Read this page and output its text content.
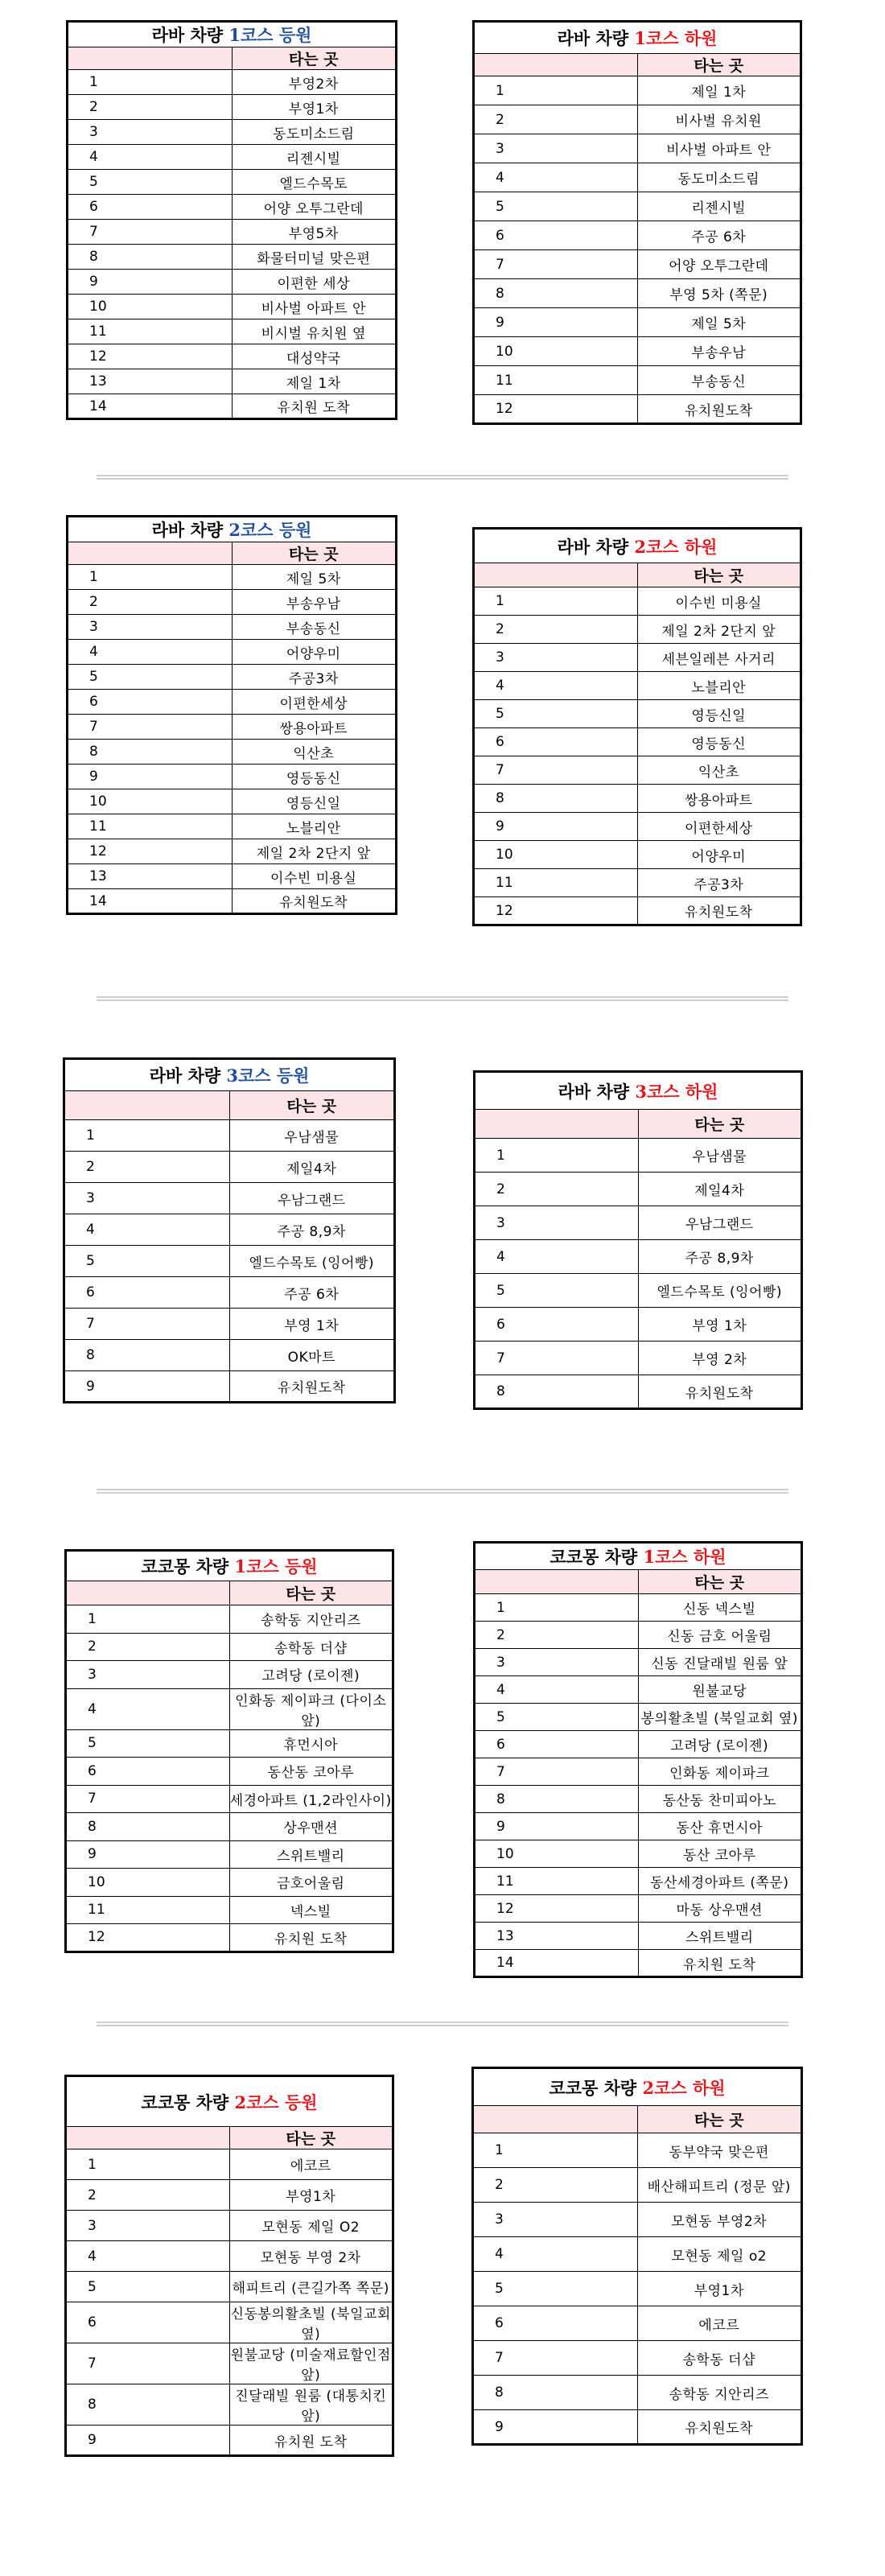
라바 차량 1코스 등원	
	타는 곳
1	부영2차
2	부영1차
3	동도미소드림
4	리젠시빌
5	엘드수목토
6	어양 오투그란데
7	부영5차
8	화물터미널 맞은편
9	이편한 세상
10	비사벌 아파트 안
11	비시벌 유치원 옆
12	대성약국
13	제일 1차
14	유치원 도착
라바 차량 1코스 하원	
	타는 곳
1	제일 1차
2	비사벌 유치원
3	비사벌 아파트 안
4	동도미소드림
5	리젠시빌
6	주공 6차
7	어양 오투그란데
8	부영 5차 (쪽문)
9	제일 5차
10	부송우남
11	부송동신
12	유치원도착
라바 차량 2코스 등원	
	타는 곳
1	제일 5차
2	부송우남
3	부송동신
4	어양우미
5	주공3차
6	이편한세상
7	쌍용아파트
8	익산초
9	영등동신
10	영등신일
11	노블리안
12	제일 2차 2단지 앞
13	이수빈 미용실
14	유치원도착
라바 차량 2코스 하원	
	타는 곳
1	이수빈 미용실
2	제일 2차 2단지 앞
3	세븐일레븐 사거리
4	노블리안
5	영등신일
6	영등동신
7	익산초
8	쌍용아파트
9	이편한세상
10	어양우미
11	주공3차
12	유치원도착
라바 차량 3코스 등원	
	타는 곳
1	우남샘물
2	제일4차
3	우남그랜드
4	주공 8,9차
5	엘드수목토 (잉어빵)
6	주공 6차
7	부영 1차
8	OK마트
9	유치원도착
라바 차량 3코스 하원	
	타는 곳
1	우남샘물
2	제일4차
3	우남그랜드
4	주공 8,9차
5	엘드수목토 (잉어빵)
6	부영 1차
7	부영 2차
8	유치원도착
코코몽 차량 1코스 등원	
	타는 곳
1	송학동 지안리즈
2	송학동 더샵
3	고려당 (로이젠)
4	인화동 제이파크 (다이소앞)
5	휴먼시아
6	동산동 코아루
7	세경아파트 (1,2라인사이)
8	상우맨션
9	스위트밸리
10	금호어울림
11	넥스빌
12	유치원 도착
코코몽 차량 1코스 하원	
	타는 곳
1	신동 넥스빌
2	신동 금호 어울림
3	신동 진달래빌 원룸 앞
4	원불교당
5	봉의활초빌 (북일교회 옆)
6	고려당 (로이젠)
7	인화동 제이파크
8	동산동 찬미피아노
9	동산 휴먼시아
10	동산 코아루
11	동산세경아파트 (쪽문)
12	마동 상우맨션
13	스위트밸리
14	유치원 도착
코코몽 차량 2코스 등원	
	타는 곳
1	에코르
2	부영1차
3	모현동 제일 O2
4	모현동 부영 2차
5	해피트리 (큰길가쪽 쪽문)
6	신동봉의활초빌 (북일교회 옆)
7	원불교당 (미술재료할인점 앞)
8	진달래빌 원룸 (대통치킨 앞)
9	유치원 도착
코코몽 차량 2코스 하원	
	타는 곳
1	동부약국 맞은편
2	배산해피트리 (정문 앞)
3	모현동 부영2차
4	모현동 제일 o2
5	부영1차
6	에코르
7	송학동 더샵
8	송학동 지안리즈
9	유치원도착
